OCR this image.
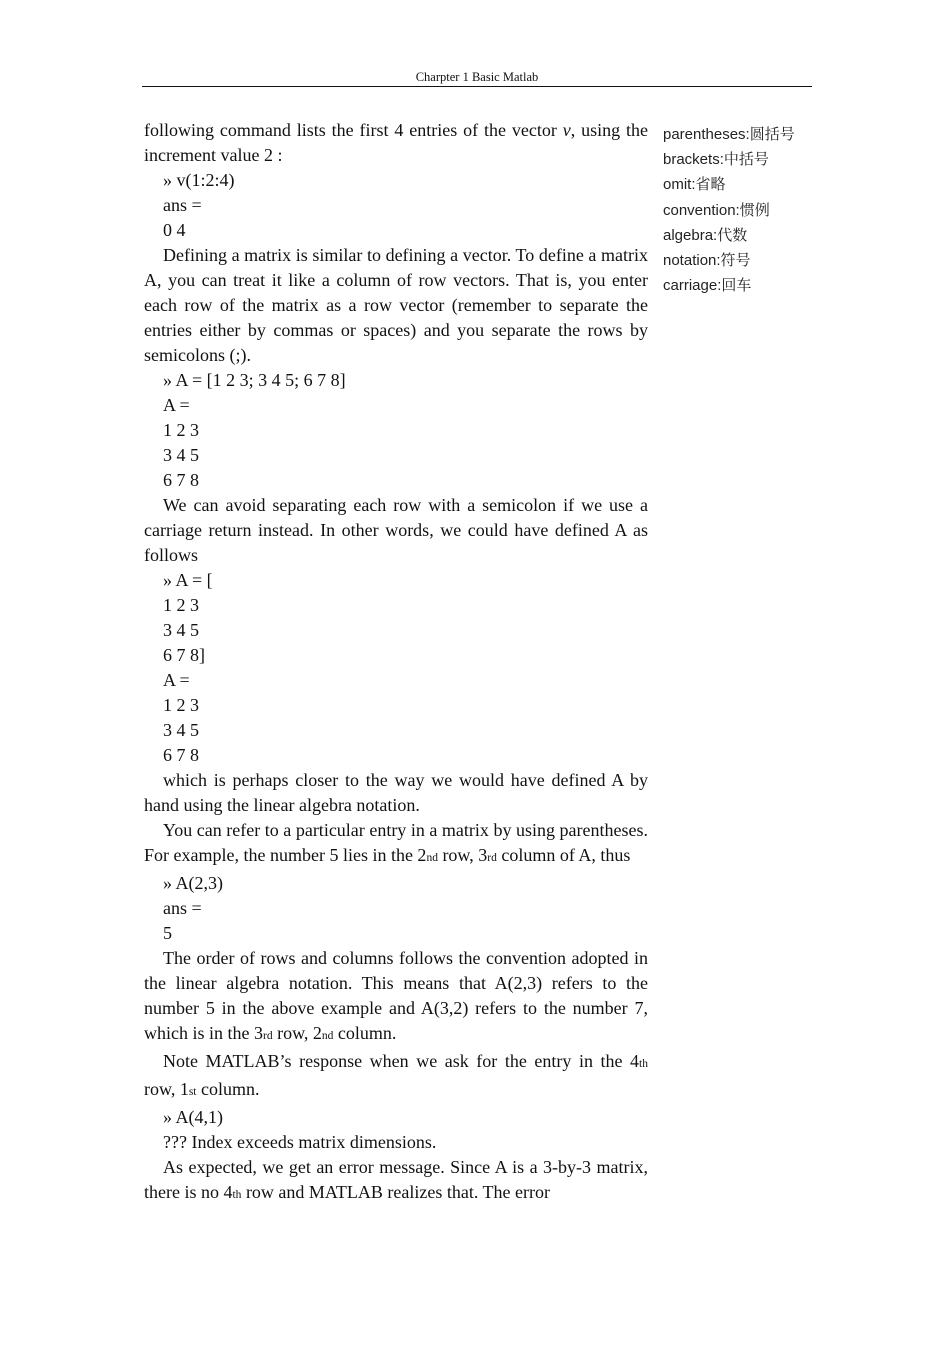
Charpter 1 Basic Matlab

following command lists the first 4 entries of the vector v, using the increment value 2 :

» v(1:2:4)
ans =
0 4

Defining a matrix is similar to defining a vector. To define a matrix A, you can treat it like a column of row vectors. That is, you enter each row of the matrix as a row vector (remember to separate the entries either by commas or spaces) and you separate the rows by semicolons (;).

» A = [1 2 3; 3 4 5; 6 7 8]
A =
1 2 3
3 4 5
6 7 8

We can avoid separating each row with a semicolon if we use a carriage return instead. In other words, we could have defined A as follows

» A = [
1 2 3
3 4 5
6 7 8]
A =
1 2 3
3 4 5
6 7 8

which is perhaps closer to the way we would have defined A by hand using the linear algebra notation.

You can refer to a particular entry in a matrix by using parentheses. For example, the number 5 lies in the 2nd row, 3rd column of A, thus

» A(2,3)
ans =
5

The order of rows and columns follows the convention adopted in the linear algebra notation. This means that A(2,3) refers to the number 5 in the above example and A(3,2) refers to the number 7, which is in the 3rd row, 2nd column.

Note MATLAB’s response when we ask for the entry in the 4th row, 1st column.

» A(4,1)
??? Index exceeds matrix dimensions.

As expected, we get an error message. Since A is a 3-by-3 matrix, there is no 4th row and MATLAB realizes that. The error

parentheses:圆括号
brackets:中括号
omit:省略
convention:惯例
algebra:代数
notation:符号
carriage:回车
